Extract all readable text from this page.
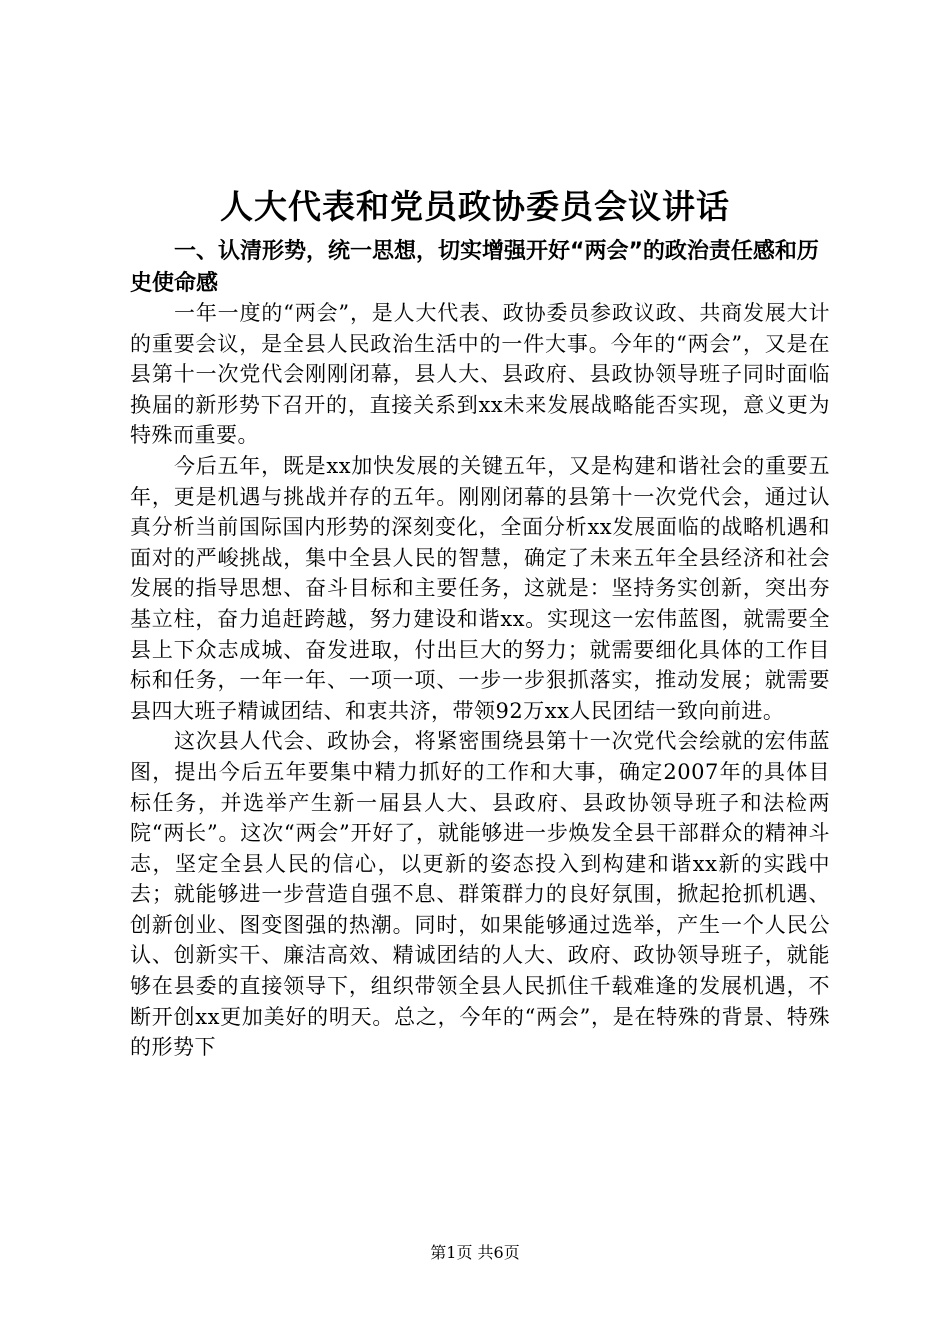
人大代表和党员政协委员会议讲话
一、认清形势，统一思想，切实增强开好“两会”的政治责任感和历史使命感

一年一度的“两会”，是人大代表、政协委员参政议政、共商发展大计的重要会议，是全县人民政治生活中的一件大事。今年的“两会”，又是在县第十一次党代会刚刚闭幕，县人大、县政府、县政协领导班子同时面临换届的新形势下召开的，直接关系到xx未来发展战略能否实现，意义更为特殊而重要。

今后五年，既是xx加快发展的关键五年，又是构建和谐社会的重要五年，更是机遇与挑战并存的五年。刚刚闭幕的县第十一次党代会，通过认真分析当前国际国内形势的深刻变化，全面分析xx发展面临的战略机遇和面对的严峻挑战，集中全县人民的智慧，确定了未来五年全县经济和社会发展的指导思想、奋斗目标和主要任务，这就是：坚持务实创新，突出夯基立柱，奋力追赶跨越，努力建设和谐xx。实现这一宏伟蓝图，就需要全县上下众志成城、奋发进取，付出巨大的努力；就需要细化具体的工作目标和任务，一年一年、一项一项、一步一步狠抓落实，推动发展；就需要县四大班子精诚团结、和衷共济，带领92万xx人民团结一致向前进。

这次县人代会、政协会，将紧密围绕县第十一次党代会绘就的宏伟蓝图，提出今后五年要集中精力抓好的工作和大事，确定2007年的具体目标任务，并选举产生新一届县人大、县政府、县政协领导班子和法检两院“两长”。这次“两会”开好了，就能够进一步焕发全县干部群众的精神斗志，坚定全县人民的信心，以更新的姿态投入到构建和谐xx新的实践中去；就能够进一步营造自强不息、群策群力的良好氛围，掀起抢抓机遇、创新创业、图变图强的热潮。同时，如果能够通过选举，产生一个人民公认、创新实干、廉洁高效、精诚团结的人大、政府、政协领导班子，就能够在县委的直接领导下，组织带领全县人民抓住千载难逢的发展机遇，不断开创xx更加美好的明天。总之，今年的“两会”，是在特殊的背景、特殊的形势下

第1页 共6页
